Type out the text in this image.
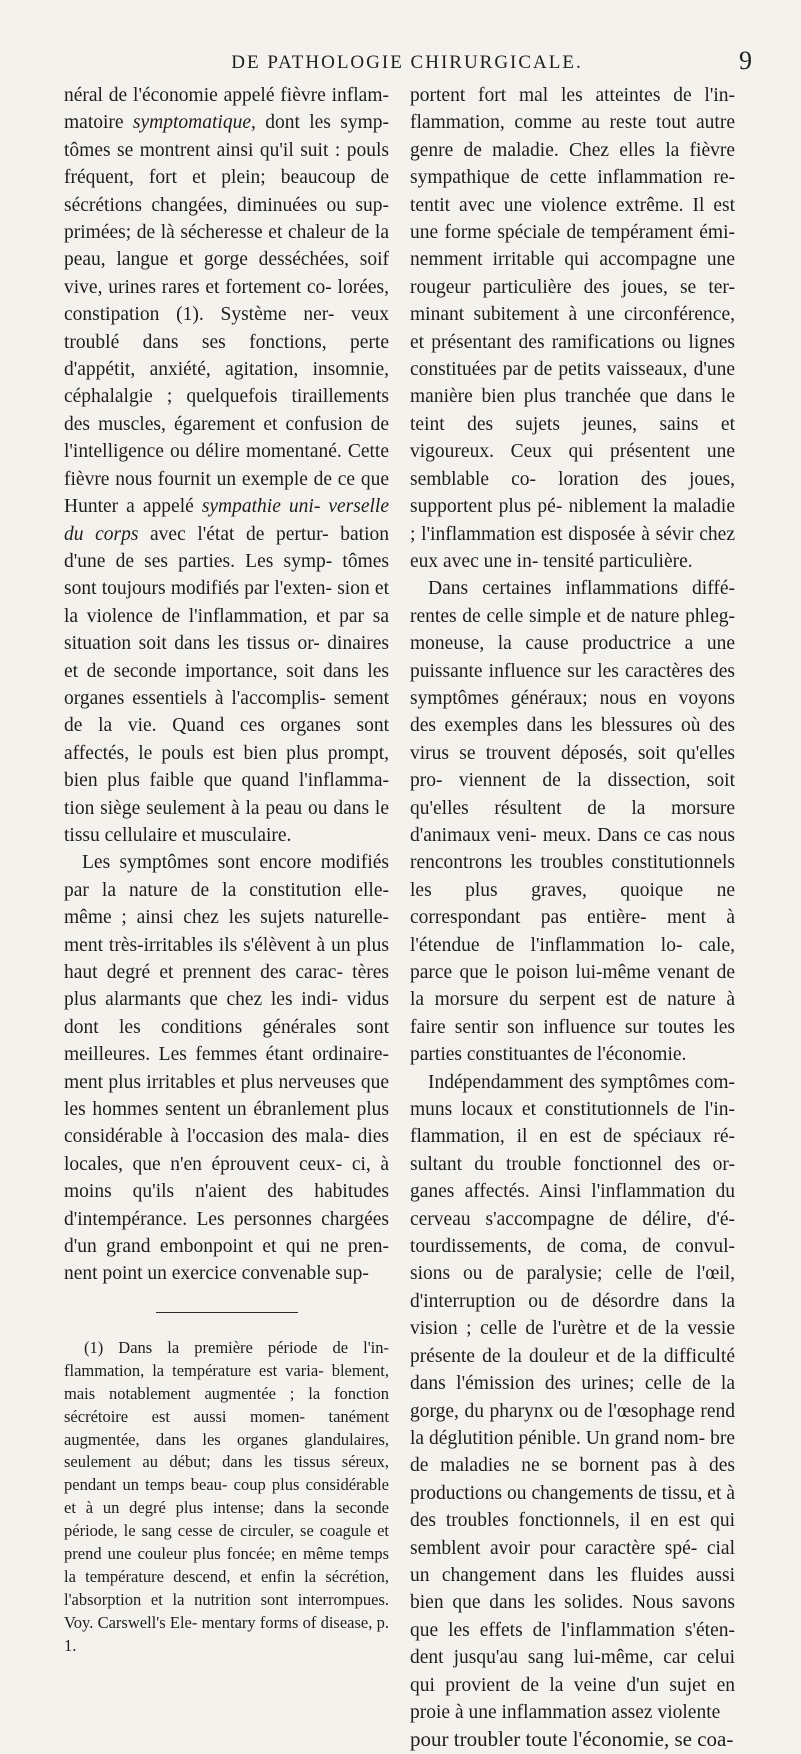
DE PATHOLOGIE CHIRURGICALE.	9

néral de l'économie appelé fièvre inflam- matoire symptomatique, dont les symp- tômes se montrent ainsi qu'il suit : pouls fréquent, fort et plein; beaucoup de sécrétions changées, diminuées ou sup- primées; de là sécheresse et chaleur de la peau, langue et gorge desséchées, soif vive, urines rares et fortement co- lorées, constipation (1). Système ner- veux troublé dans ses fonctions, perte d'appétit, anxiété, agitation, insomnie, céphalalgie ; quelquefois tiraillements des muscles, égarement et confusion de l'intelligence ou délire momentané. Cette fièvre nous fournit un exemple de ce que Hunter a appelé sympathie uni- verselle du corps avec l'état de pertur- bation d'une de ses parties. Les symp- tômes sont toujours modifiés par l'exten- sion et la violence de l'inflammation, et par sa situation soit dans les tissus or- dinaires et de seconde importance, soit dans les organes essentiels à l'accomplis- sement de la vie. Quand ces organes sont affectés, le pouls est bien plus prompt, bien plus faible que quand l'inflamma- tion siège seulement à la peau ou dans le tissu cellulaire et musculaire.

Les symptômes sont encore modifiés par la nature de la constitution elle- même ; ainsi chez les sujets naturelle- ment très-irritables ils s'élèvent à un plus haut degré et prennent des carac- tères plus alarmants que chez les indi- vidus dont les conditions générales sont meilleures. Les femmes étant ordinaire- ment plus irritables et plus nerveuses que les hommes sentent un ébranlement plus considérable à l'occasion des mala- dies locales, que n'en éprouvent ceux- ci, à moins qu'ils n'aient des habitudes d'intempérance. Les personnes chargées d'un grand embonpoint et qui ne pren- nent point un exercice convenable sup-

(1) Dans la première période de l'in- flammation, la température est varia- blement, mais notablement augmentée ; la fonction sécrétoire est aussi momen- tanément augmentée, dans les organes glandulaires, seulement au début; dans les tissus séreux, pendant un temps beau- coup plus considérable et à un degré plus intense; dans la seconde période, le sang cesse de circuler, se coagule et prend une couleur plus foncée; en même temps la température descend, et enfin la sécrétion, l'absorption et la nutrition sont interrompues. Voy. Carswell's Ele- mentary forms of disease, p. 1.

portent fort mal les atteintes de l'in- flammation, comme au reste tout autre genre de maladie. Chez elles la fièvre sympathique de cette inflammation re- tentit avec une violence extrême. Il est une forme spéciale de tempérament émi- nemment irritable qui accompagne une rougeur particulière des joues, se ter- minant subitement à une circonférence, et présentant des ramifications ou lignes constituées par de petits vaisseaux, d'une manière bien plus tranchée que dans le teint des sujets jeunes, sains et vigoureux. Ceux qui présentent une semblable co- loration des joues, supportent plus pé- niblement la maladie ; l'inflammation est disposée à sévir chez eux avec une in- tensité particulière.

Dans certaines inflammations diffé- rentes de celle simple et de nature phleg- moneuse, la cause productrice a une puissante influence sur les caractères des symptômes généraux; nous en voyons des exemples dans les blessures où des virus se trouvent déposés, soit qu'elles pro- viennent de la dissection, soit qu'elles résultent de la morsure d'animaux veni- meux. Dans ce cas nous rencontrons les troubles constitutionnels les plus graves, quoique ne correspondant pas entière- ment à l'étendue de l'inflammation lo- cale, parce que le poison lui-même venant de la morsure du serpent est de nature à faire sentir son influence sur toutes les parties constituantes de l'économie.

Indépendamment des symptômes com- muns locaux et constitutionnels de l'in- flammation, il en est de spéciaux ré- sultant du trouble fonctionnel des or- ganes affectés. Ainsi l'inflammation du cerveau s'accompagne de délire, d'é- tourdissements, de coma, de convul- sions ou de paralysie; celle de l'œil, d'interruption ou de désordre dans la vision ; celle de l'urètre et de la vessie présente de la douleur et de la difficulté dans l'émission des urines; celle de la gorge, du pharynx ou de l'œsophage rend la déglutition pénible. Un grand nom- bre de maladies ne se bornent pas à des productions ou changements de tissu, et à des troubles fonctionnels, il en est qui semblent avoir pour caractère spé- cial un changement dans les fluides aussi bien que dans les solides. Nous savons que les effets de l'inflammation s'éten- dent jusqu'au sang lui-même, car celui qui provient de la veine d'un sujet en proie à une inflammation assez violente

pour troubler toute l'économie, se coa-
